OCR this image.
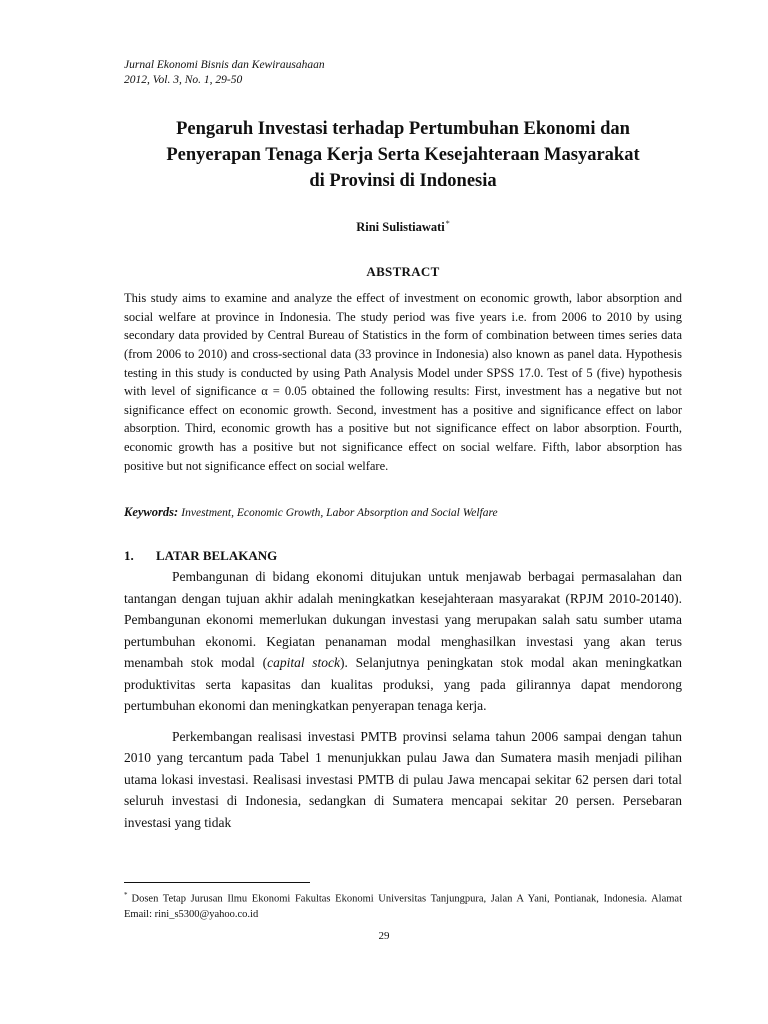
Jurnal Ekonomi Bisnis dan Kewirausahaan
2012, Vol. 3, No. 1, 29-50
Pengaruh Investasi terhadap Pertumbuhan Ekonomi dan
Penyerapan Tenaga Kerja Serta Kesejahteraan Masyarakat
di Provinsi di Indonesia
Rini Sulistiawati*
ABSTRACT
This study aims to examine and analyze the effect of investment on economic growth, labor absorption and social welfare at province in Indonesia. The study period was five years i.e. from 2006 to 2010 by using secondary data provided by Central Bureau of Statistics in the form of combination between times series data (from 2006 to 2010) and cross-sectional data (33 province in Indonesia) also known as panel data. Hypothesis testing in this study is conducted by using Path Analysis Model under SPSS 17.0. Test of 5 (five) hypothesis with level of significance α = 0.05 obtained the following results: First, investment has a negative but not significance effect on economic growth. Second, investment has a positive and significance effect on labor absorption. Third, economic growth has a positive but not significance effect on labor absorption. Fourth, economic growth has a positive but not significance effect on social welfare. Fifth, labor absorption has positive but not significance effect on social welfare.
Keywords: Investment, Economic Growth, Labor Absorption and Social Welfare
1. LATAR BELAKANG

Pembangunan di bidang ekonomi ditujukan untuk menjawab berbagai permasalahan dan tantangan dengan tujuan akhir adalah meningkatkan kesejahteraan masyarakat (RPJM 2010-20140). Pembangunan ekonomi memerlukan dukungan investasi yang merupakan salah satu sumber utama pertumbuhan ekonomi. Kegiatan penanaman modal menghasilkan investasi yang akan terus menambah stok modal (capital stock). Selanjutnya peningkatan stok modal akan meningkatkan produktivitas serta kapasitas dan kualitas produksi, yang pada gilirannya dapat mendorong pertumbuhan ekonomi dan meningkatkan penyerapan tenaga kerja.

Perkembangan realisasi investasi PMTB provinsi selama tahun 2006 sampai dengan tahun 2010 yang tercantum pada Tabel 1 menunjukkan pulau Jawa dan Sumatera masih menjadi pilihan utama lokasi investasi. Realisasi investasi PMTB di pulau Jawa mencapai sekitar 62 persen dari total seluruh investasi di Indonesia, sedangkan di Sumatera mencapai sekitar 20 persen. Persebaran investasi yang tidak

* Dosen Tetap Jurusan Ilmu Ekonomi Fakultas Ekonomi Universitas Tanjungpura, Jalan A Yani, Pontianak, Indonesia. Alamat Email: rini_s5300@yahoo.co.id
29
